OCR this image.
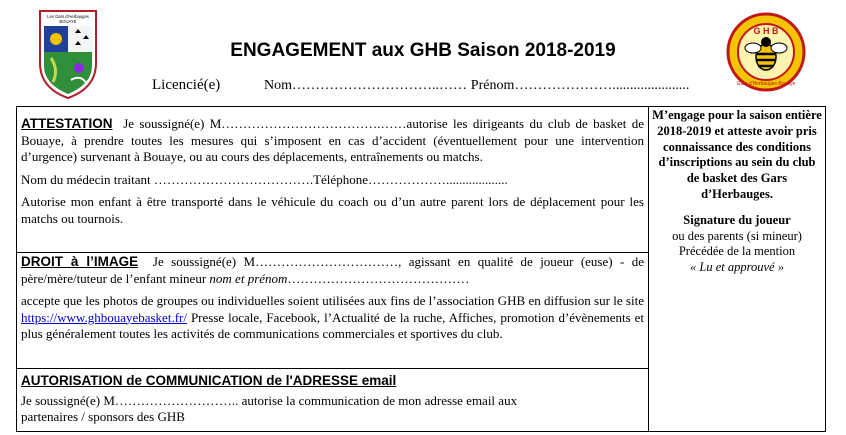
Les Gars d'Herbauges
BOUAYE
G H B
Gars d'Herbauges Bouaye
ENGAGEMENT aux GHB Saison 2018-2019
Licencié(e)	Nom…………………………..…… Prénom…………………......................

ATTESTATION Je soussigné(e) M……………………………….……autorise les dirigeants du club de basket de Bouaye, à prendre toutes les mesures qui s’imposent en cas d’accident (éventuellement pour une intervention d’urgence) survenant à Bouaye, ou au cours des déplacements, entraînements ou matchs.

Nom du médecin traitant ……………………………….Téléphone………………...................

Autorise mon enfant à être transporté dans le véhicule du coach ou d’un autre parent lors de déplacement pour les matchs ou tournois.

DROIT à l’IMAGE Je soussigné(e) M……………………………, agissant en qualité de joueur (euse) - de père/mère/tuteur de l’enfant mineur nom et prénom……………………………………

accepte que les photos de groupes ou individuelles soient utilisées aux fins de l’association GHB en diffusion sur le site https://www.ghbouayebasket.fr/ Presse locale, Facebook, l’Actualité de la ruche, Affiches, promotion d’évènements et plus généralement toutes les activités de communications commerciales et sportives du club.

AUTORISATION de COMMUNICATION de l'ADRESSE email

Je soussigné(e) M……………………….. autorise la communication de mon adresse email aux partenaires / sponsors des GHB

M’engage pour la saison entière 2018-2019 et atteste avoir pris connaissance des conditions d’inscriptions au sein du club de basket des Gars d’Herbauges.
Signature du joueur
ou des parents (si mineur)
Précédée de la mention
« Lu et approuvé »
